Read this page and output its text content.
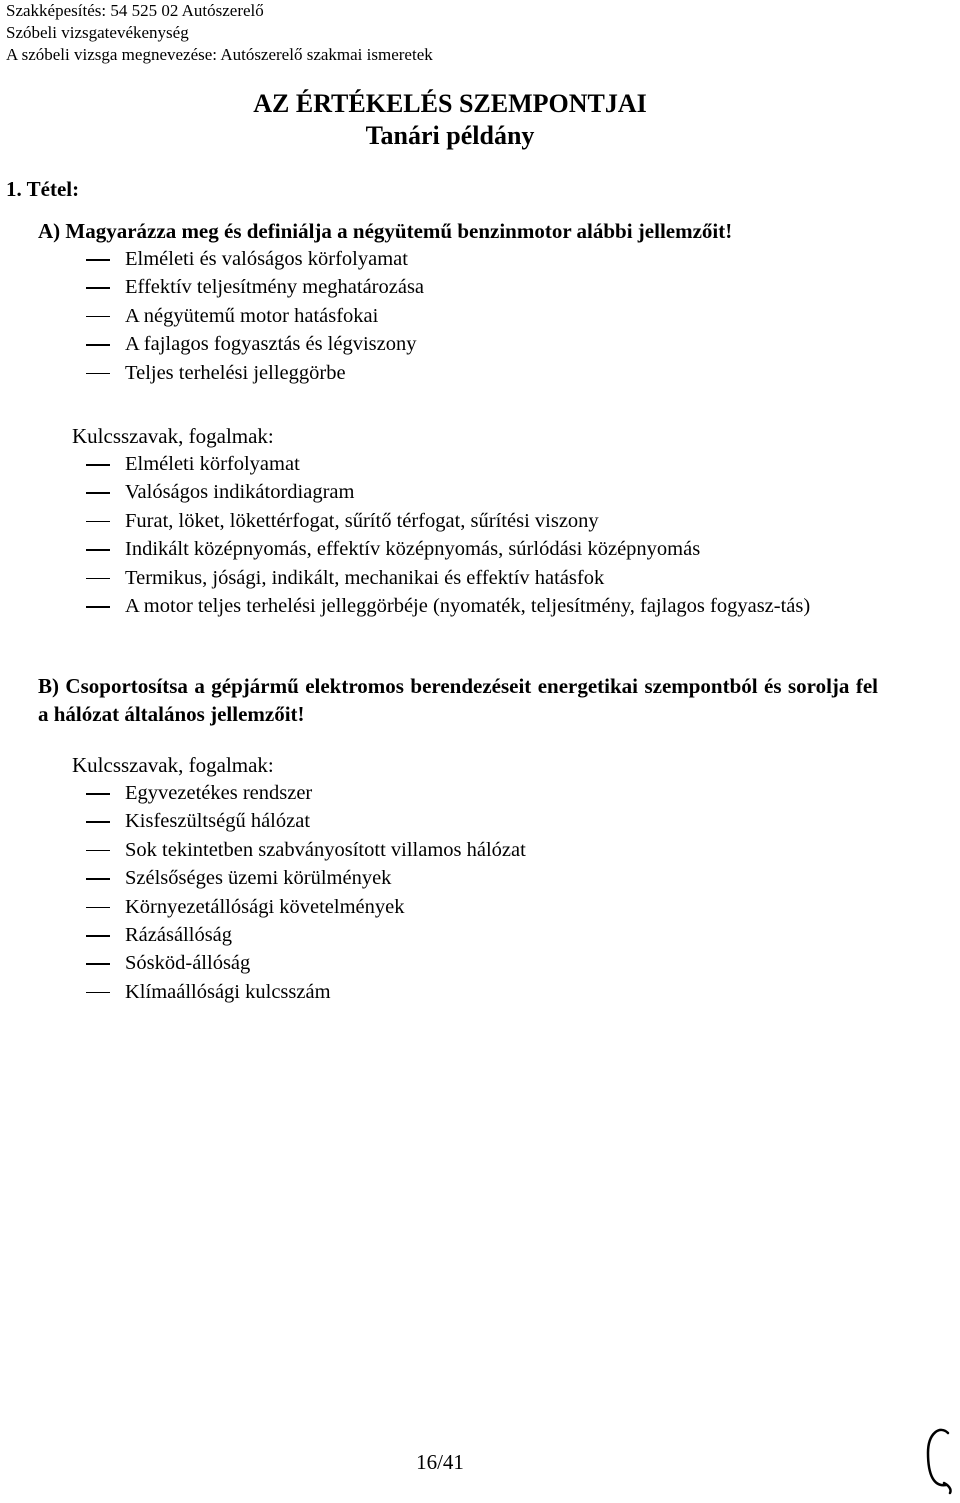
Szakképesítés: 54 525 02 Autószerelő
Szóbeli vizsgatevékenység
A szóbeli vizsga megnevezése: Autószerelő szakmai ismeretek
AZ ÉRTÉKELÉS SZEMPONTJAI
Tanári példány
1. Tétel:
A) Magyarázza meg és definiálja a négyütemű benzinmotor alábbi jellemzőit!
Elméleti és valóságos körfolyamat
Effektív teljesítmény meghatározása
A négyütemű motor hatásfokai
A fajlagos fogyasztás és légviszony
Teljes terhelési jelleggörbe
Kulcsszavak, fogalmak:
Elméleti körfolyamat
Valóságos indikátordiagram
Furat, löket, lökettérfogat, sűrítő térfogat, sűrítési viszony
Indikált középnyomás, effektív középnyomás, súrlódási középnyomás
Termikus, jósági, indikált, mechanikai és effektív hatásfok
A motor teljes terhelési jelleggörbéje (nyomaték, teljesítmény, fajlagos fogyasz-tás)
B) Csoportosítsa a gépjármű elektromos berendezéseit energetikai szempontból és sorolja fel a hálózat általános jellemzőit!
Kulcsszavak, fogalmak:
Egyvezetékes rendszer
Kisfeszültségű hálózat
Sok tekintetben szabványosított villamos hálózat
Szélsőséges üzemi körülmények
Környezetállósági követelmények
Rázásállóság
Sósköd-állóság
Klímaállósági kulcsszám
16/41
